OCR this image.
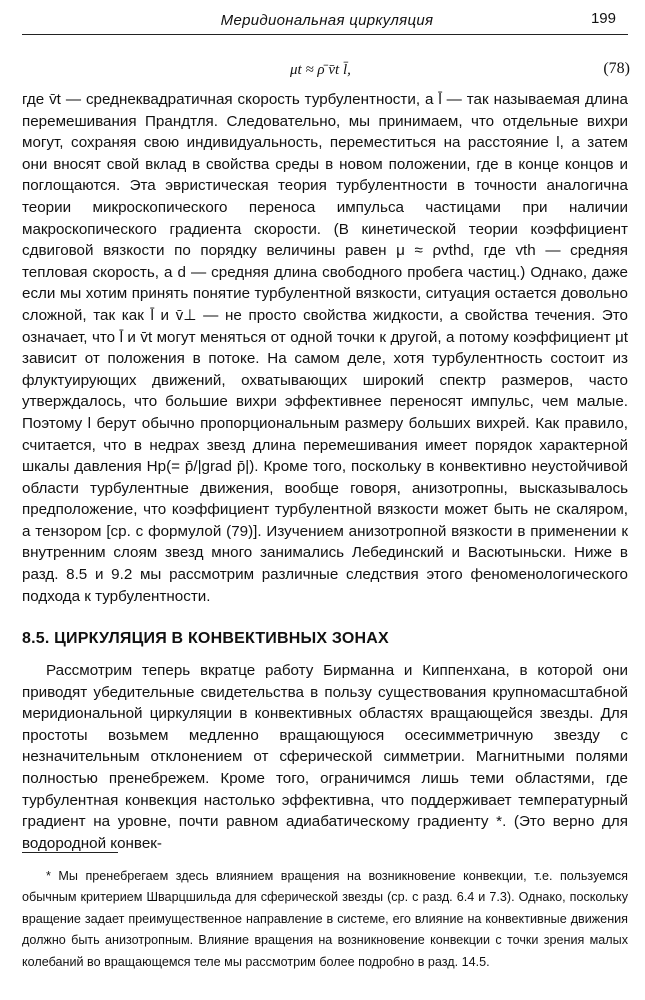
Меридиональная циркуляция	199
μt ≈ ρ̄ v̄t l̄,	(78)

где v̄t — среднеквадратичная скорость турбулентности, а l̄ — так называемая длина перемешивания Прандтля. Следовательно, мы принимаем, что отдельные вихри могут, сохраняя свою индивидуальность, переместиться на расстояние l, а затем они вносят свой вклад в свойства среды в новом положении, где в конце концов и поглощаются. Эта эвристическая теория турбулентности в точности аналогична теории микроскопического переноса импульса частицами при наличии макроскопического градиента скорости. (В кинетической теории коэффициент сдвиговой вязкости по порядку величины равен μ ≈ ρvthd, где vth — средняя тепловая скорость, а d — средняя длина свободного пробега частиц.) Однако, даже если мы хотим принять понятие турбулентной вязкости, ситуация остается довольно сложной, так как l̄ и v̄⊥ — не просто свойства жидкости, а свойства течения. Это означает, что l̄ и v̄t могут меняться от одной точки к другой, а потому коэффициент μt зависит от положения в потоке. На самом деле, хотя турбулентность состоит из флуктуирующих движений, охватывающих широкий спектр размеров, часто утверждалось, что большие вихри эффективнее переносят импульс, чем малые. Поэтому l берут обычно пропорциональным размеру больших вихрей. Как правило, считается, что в недрах звезд длина перемешивания имеет порядок характерной шкалы давления Hp(= p̄/|grad p̄|). Кроме того, поскольку в конвективно неустойчивой области турбулентные движения, вообще говоря, анизотропны, высказывалось предположение, что коэффициент турбулентной вязкости может быть не скаляром, а тензором [ср. с формулой (79)]. Изучением анизотропной вязкости в применении к внутренним слоям звезд много занимались Лебединский и Васютыньски. Ниже в разд. 8.5 и 9.2 мы рассмотрим различные следствия этого феноменологического подхода к турбулентности.

8.5. ЦИРКУЛЯЦИЯ В КОНВЕКТИВНЫХ ЗОНАХ

Рассмотрим теперь вкратце работу Бирманна и Киппенхана, в которой они приводят убедительные свидетельства в пользу существования крупномасштабной меридиональной циркуляции в конвективных областях вращающейся звезды. Для простоты возьмем медленно вращающуюся осесимметричную звезду с незначительным отклонением от сферической симметрии. Магнитными полями полностью пренебрежем. Кроме того, ограничимся лишь теми областями, где турбулентная конвекция настолько эффективна, что поддерживает температурный градиент на уровне, почти равном адиабатическому градиенту *. (Это верно для водородной конвек-

* Мы пренебрегаем здесь влиянием вращения на возникновение конвекции, т.е. пользуемся обычным критерием Шварцшильда для сферической звезды (ср. с разд. 6.4 и 7.3). Однако, поскольку вращение задает преимущественное направление в системе, его влияние на конвективные движения должно быть анизотропным. Влияние вращения на возникновение конвекции с точки зрения малых колебаний во вращающемся теле мы рассмотрим более подробно в разд. 14.5.
